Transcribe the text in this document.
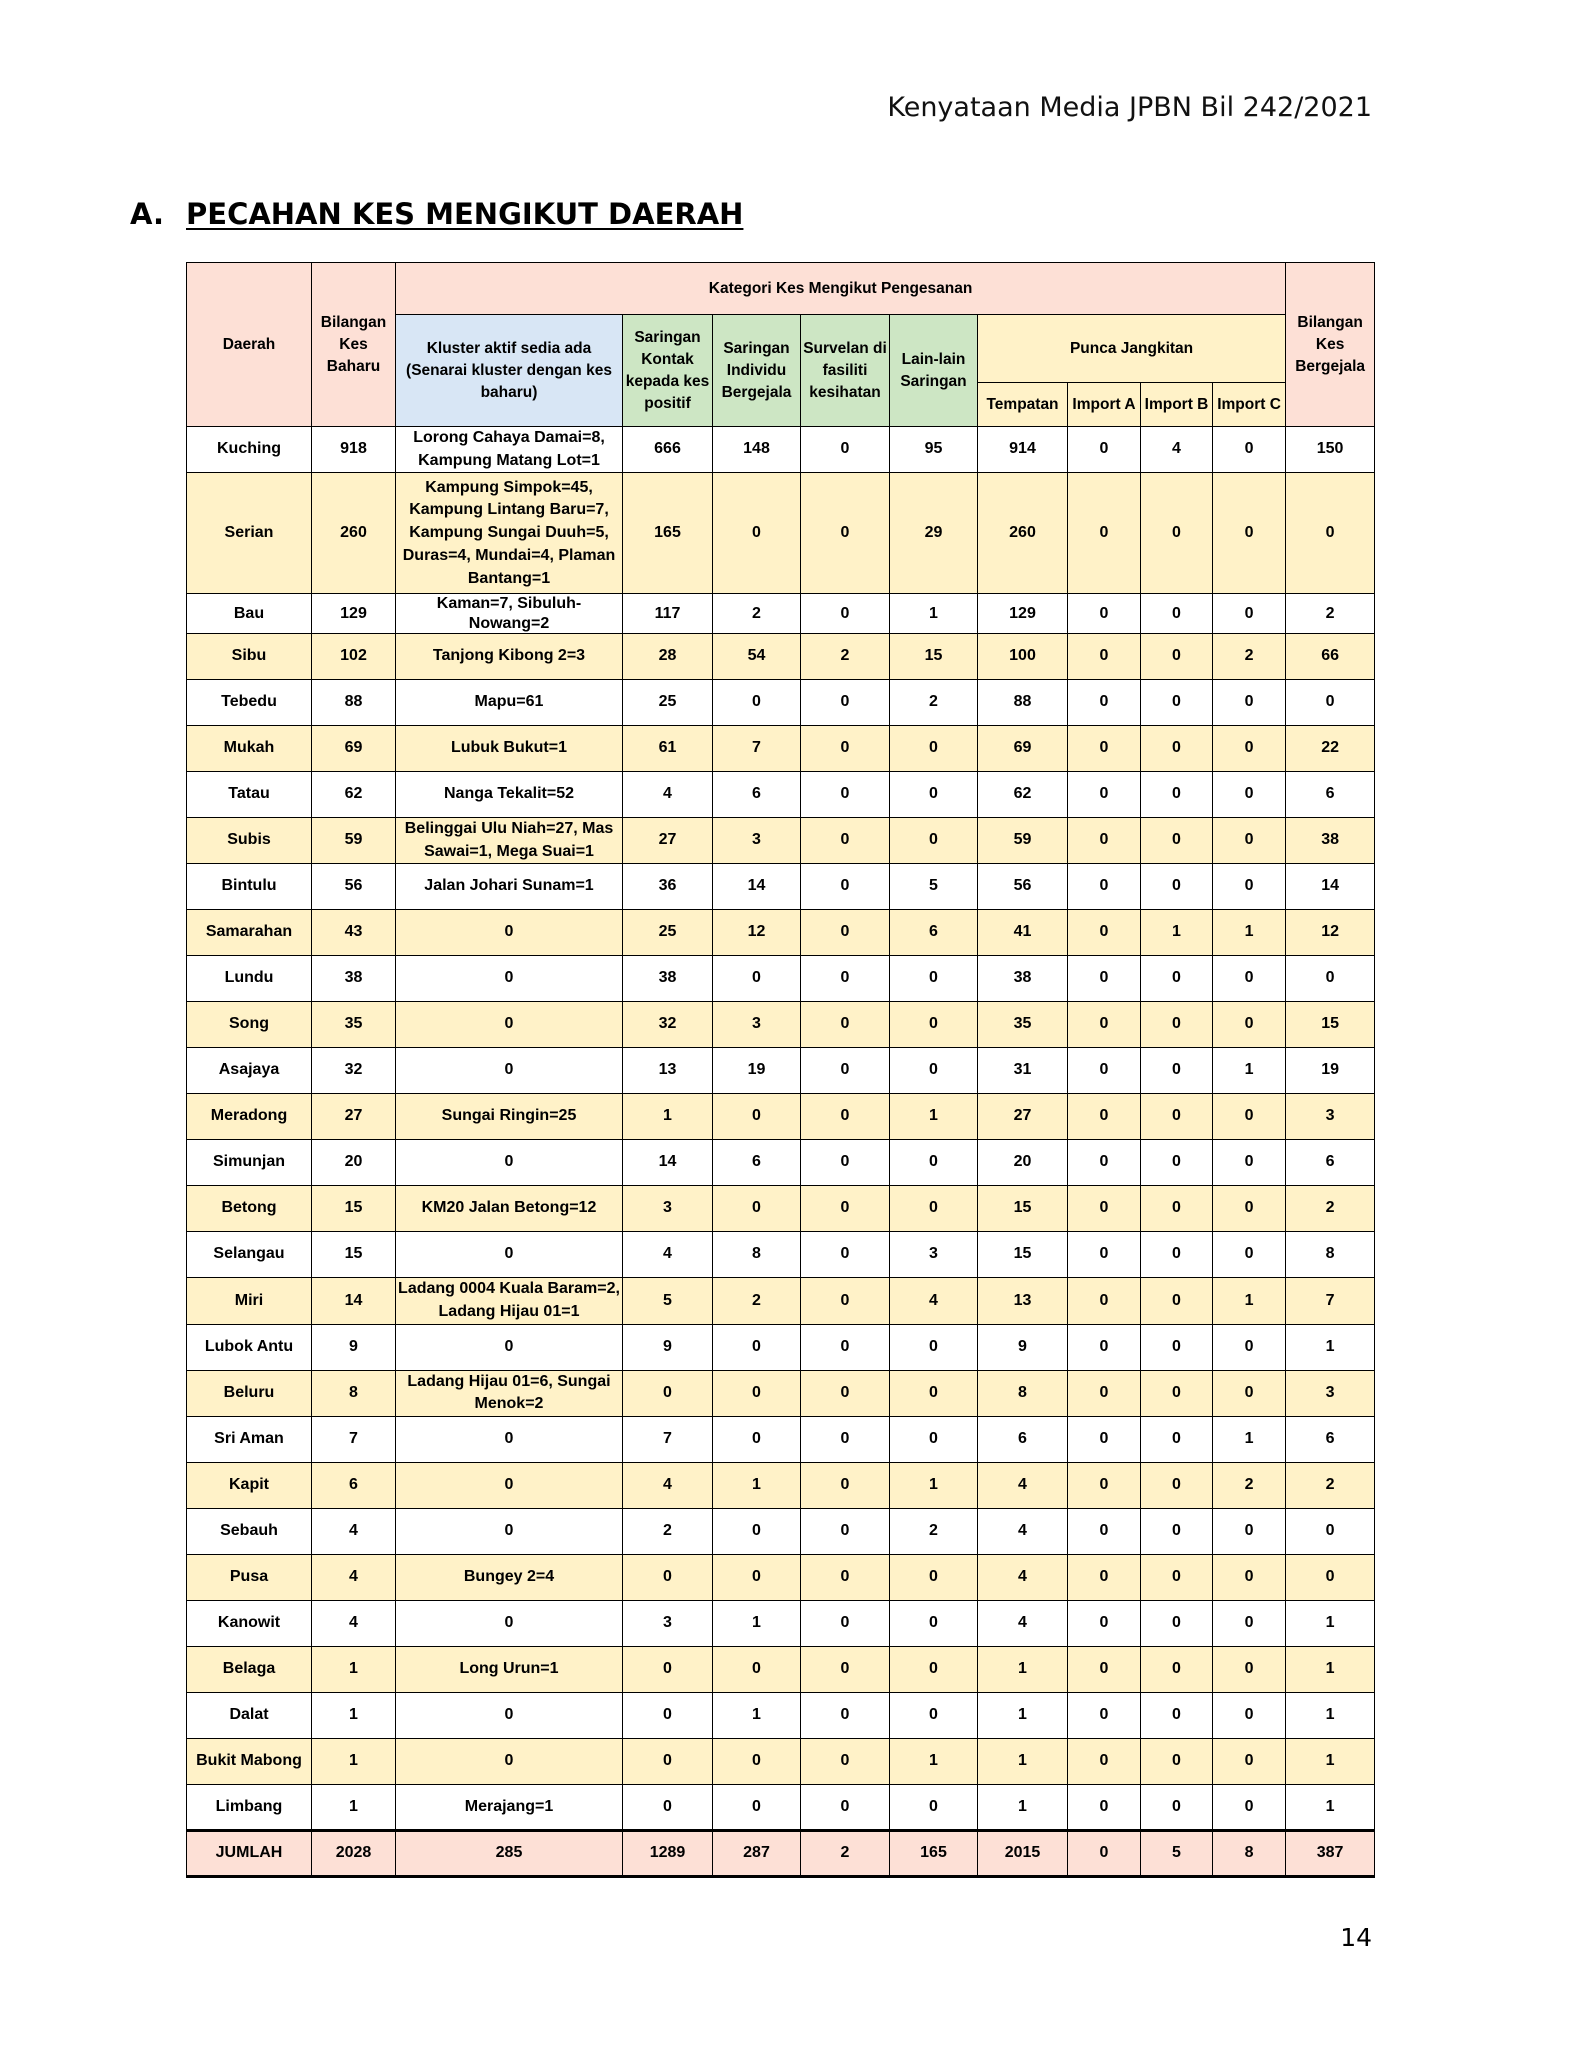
Kenyataan Media JPBN Bil 242/2021
A. PECAHAN KES MENGIKUT DAERAH
Daerah	Bilangan Kes Baharu	Kategori Kes Mengikut Pengesanan									Bilangan Kes Bergejala
		Kluster aktif sedia ada (Senarai kluster dengan kes baharu)	Saringan Kontak kepada kes positif	Saringan Individu Bergejala	Survelan di fasiliti kesihatan	Lain-lain Saringan	Punca Jangkitan				
							Tempatan	Import A	Import B	Import C	
Kuching	918	Lorong Cahaya Damai=8, Kampung Matang Lot=1	666	148	0	95	914	0	4	0	150
Serian	260	Kampung Simpok=45, Kampung Lintang Baru=7, Kampung Sungai Duuh=5, Duras=4, Mundai=4, Plaman Bantang=1	165	0	0	29	260	0	0	0	0
Bau	129	Kaman=7, Sibuluh-Nowang=2	117	2	0	1	129	0	0	0	2
Sibu	102	Tanjong Kibong 2=3	28	54	2	15	100	0	0	2	66
Tebedu	88	Mapu=61	25	0	0	2	88	0	0	0	0
Mukah	69	Lubuk Bukut=1	61	7	0	0	69	0	0	0	22
Tatau	62	Nanga Tekalit=52	4	6	0	0	62	0	0	0	6
Subis	59	Belinggai Ulu Niah=27, Mas Sawai=1, Mega Suai=1	27	3	0	0	59	0	0	0	38
Bintulu	56	Jalan Johari Sunam=1	36	14	0	5	56	0	0	0	14
Samarahan	43	0	25	12	0	6	41	0	1	1	12
Lundu	38	0	38	0	0	0	38	0	0	0	0
Song	35	0	32	3	0	0	35	0	0	0	15
Asajaya	32	0	13	19	0	0	31	0	0	1	19
Meradong	27	Sungai Ringin=25	1	0	0	1	27	0	0	0	3
Simunjan	20	0	14	6	0	0	20	0	0	0	6
Betong	15	KM20 Jalan Betong=12	3	0	0	0	15	0	0	0	2
Selangau	15	0	4	8	0	3	15	0	0	0	8
Miri	14	Ladang 0004 Kuala Baram=2, Ladang Hijau 01=1	5	2	0	4	13	0	0	1	7
Lubok Antu	9	0	9	0	0	0	9	0	0	0	1
Beluru	8	Ladang Hijau 01=6, Sungai Menok=2	0	0	0	0	8	0	0	0	3
Sri Aman	7	0	7	0	0	0	6	0	0	1	6
Kapit	6	0	4	1	0	1	4	0	0	2	2
Sebauh	4	0	2	0	0	2	4	0	0	0	0
Pusa	4	Bungey 2=4	0	0	0	0	4	0	0	0	0
Kanowit	4	0	3	1	0	0	4	0	0	0	1
Belaga	1	Long Urun=1	0	0	0	0	1	0	0	0	1
Dalat	1	0	0	1	0	0	1	0	0	0	1
Bukit Mabong	1	0	0	0	0	1	1	0	0	0	1
Limbang	1	Merajang=1	0	0	0	0	1	0	0	0	1
JUMLAH	2028	285	1289	287	2	165	2015	0	5	8	387
14
